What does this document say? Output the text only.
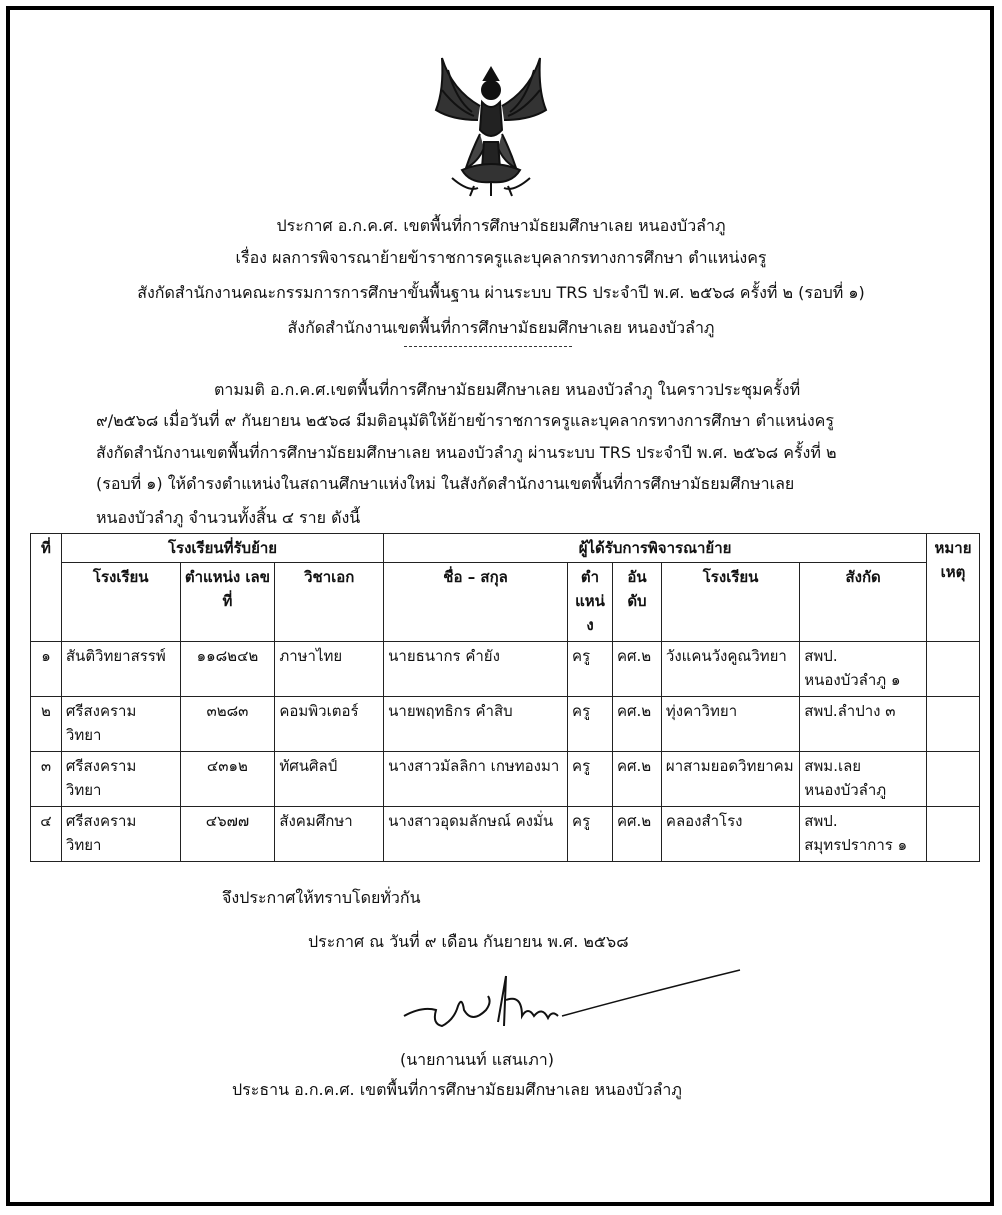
ประกาศ อ.ก.ค.ศ. เขตพื้นที่การศึกษามัธยมศึกษาเลย หนองบัวลำภู
เรื่อง ผลการพิจารณาย้ายข้าราชการครูและบุคลากรทางการศึกษา ตำแหน่งครู
สังกัดสำนักงานคณะกรรมการการศึกษาขั้นพื้นฐาน ผ่านระบบ TRS ประจำปี พ.ศ. ๒๕๖๘ ครั้งที่ ๒ (รอบที่ ๑)
สังกัดสำนักงานเขตพื้นที่การศึกษามัธยมศึกษาเลย หนองบัวลำภู
ตามมติ อ.ก.ค.ศ.เขตพื้นที่การศึกษามัธยมศึกษาเลย หนองบัวลำภู ในคราวประชุมครั้งที่
๙/๒๕๖๘ เมื่อวันที่ ๙ กันยายน ๒๕๖๘ มีมติอนุมัติให้ย้ายข้าราชการครูและบุคลากรทางการศึกษา ตำแหน่งครู
สังกัดสำนักงานเขตพื้นที่การศึกษามัธยมศึกษาเลย หนองบัวลำภู ผ่านระบบ TRS ประจำปี พ.ศ. ๒๕๖๘ ครั้งที่ ๒
(รอบที่ ๑) ให้ดำรงตำแหน่งในสถานศึกษาแห่งใหม่ ในสังกัดสำนักงานเขตพื้นที่การศึกษามัธยมศึกษาเลย
หนองบัวลำภู จำนวนทั้งสิ้น ๔ ราย ดังนี้
ที่	โรงเรียนที่รับย้าย			ผู้ได้รับการพิจารณาย้าย					หมาย เหตุ
	โรงเรียน	ตำแหน่ง เลขที่	วิชาเอก	ชื่อ – สกุล	ตำ แหน่ง	อัน ดับ	โรงเรียน	สังกัด	
๑	สันติวิทยาสรรพ์	๑๑๘๒๔๒	ภาษาไทย	นายธนากร คำยัง	ครู	คศ.๒	วังแคนวังคูณวิทยา	สพป. หนองบัวลำภู ๑	
๒	ศรีสงคราม วิทยา	๓๒๘๓	คอมพิวเตอร์	นายพฤทธิกร คำสิบ	ครู	คศ.๒	ทุ่งคาวิทยา	สพป.ลำปาง ๓	
๓	ศรีสงคราม วิทยา	๔๓๑๒	ทัศนศิลป์	นางสาวมัลลิกา เกษทองมา	ครู	คศ.๒	ผาสามยอดวิทยาคม	สพม.เลย หนองบัวลำภู	
๔	ศรีสงคราม วิทยา	๔๖๗๗	สังคมศึกษา	นางสาวอุดมลักษณ์ คงมั่น	ครู	คศ.๒	คลองสำโรง	สพป. สมุทรปราการ ๑	
จึงประกาศให้ทราบโดยทั่วกัน
ประกาศ ณ วันที่ ๙ เดือน กันยายน พ.ศ. ๒๕๖๘
(นายกานนท์ แสนเภา)
ประธาน อ.ก.ค.ศ. เขตพื้นที่การศึกษามัธยมศึกษาเลย หนองบัวลำภู
